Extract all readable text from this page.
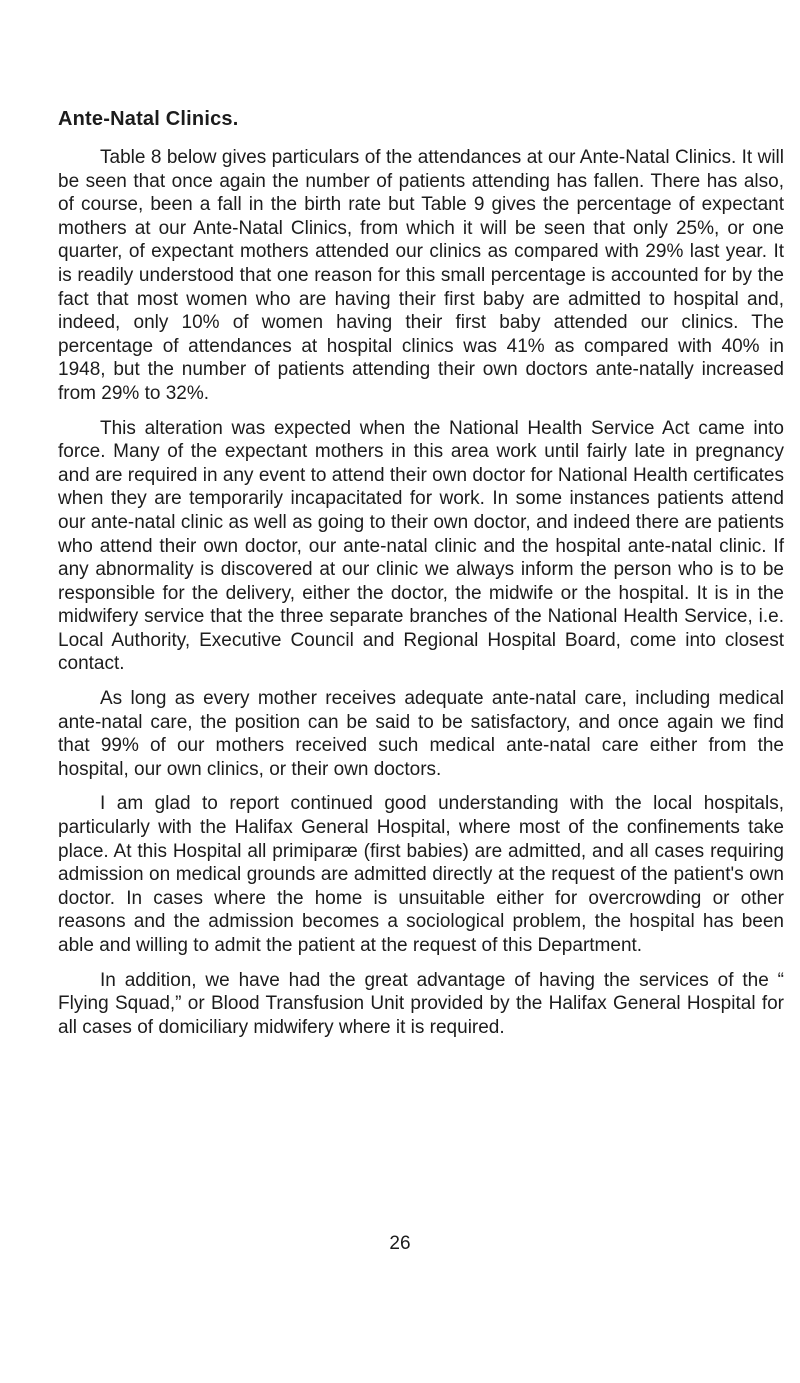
Ante-Natal Clinics.

Table 8 below gives particulars of the attendances at our Ante-Natal Clinics. It will be seen that once again the number of patients attending has fallen. There has also, of course, been a fall in the birth rate but Table 9 gives the percentage of expectant mothers at our Ante-Natal Clinics, from which it will be seen that only 25%, or one quarter, of expectant mothers attended our clinics as compared with 29% last year. It is readily understood that one reason for this small percentage is accounted for by the fact that most women who are having their first baby are admitted to hospital and, indeed, only 10% of women having their first baby attended our clinics. The percentage of attendances at hospital clinics was 41% as compared with 40% in 1948, but the number of patients attending their own doctors ante-natally increased from 29% to 32%.

This alteration was expected when the National Health Service Act came into force. Many of the expectant mothers in this area work until fairly late in pregnancy and are required in any event to attend their own doctor for National Health certificates when they are temporarily incapacitated for work. In some instances patients attend our ante-natal clinic as well as going to their own doctor, and indeed there are patients who attend their own doctor, our ante-natal clinic and the hospital ante-natal clinic. If any abnormality is discovered at our clinic we always inform the person who is to be responsible for the delivery, either the doctor, the midwife or the hospital. It is in the midwifery service that the three separate branches of the National Health Service, i.e. Local Authority, Executive Council and Regional Hospital Board, come into closest contact.

As long as every mother receives adequate ante-natal care, including medical ante-natal care, the position can be said to be satisfactory, and once again we find that 99% of our mothers received such medical ante-natal care either from the hospital, our own clinics, or their own doctors.

I am glad to report continued good understanding with the local hospitals, particularly with the Halifax General Hospital, where most of the confinements take place. At this Hospital all primiparæ (first babies) are admitted, and all cases requiring admission on medical grounds are admitted directly at the request of the patient's own doctor. In cases where the home is unsuitable either for overcrowding or other reasons and the admission becomes a sociological problem, the hospital has been able and willing to admit the patient at the request of this Department.

In addition, we have had the great advantage of having the services of the “ Flying Squad,” or Blood Transfusion Unit provided by the Halifax General Hospital for all cases of domiciliary midwifery where it is required.

26
